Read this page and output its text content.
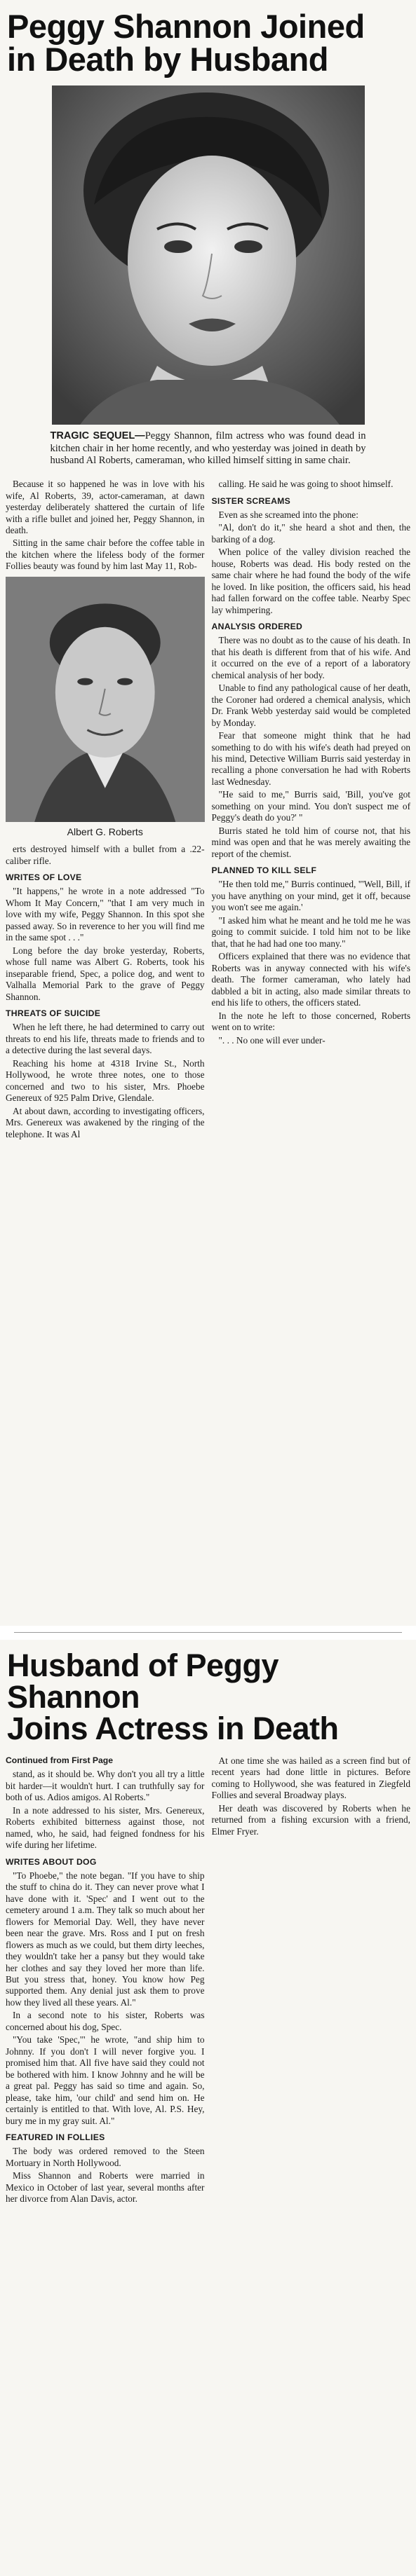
Peggy Shannon Joined
in Death by Husband
TRAGIC SEQUEL—Peggy Shannon, film actress who was found dead in kitchen chair in her home recently, and who yesterday was joined in death by husband Al Roberts, cameraman, who killed himself sitting in same chair.

Because it so happened he was in love with his wife, Al Roberts, 39, actor-cameraman, at dawn yesterday deliberately shattered the curtain of life with a rifle bullet and joined her, Peggy Shannon, in death.

Sitting in the same chair before the coffee table in the kitchen where the lifeless body of the former Follies beauty was found by him last May 11, Rob-

Albert G. Roberts

erts destroyed himself with a bullet from a .22-caliber rifle.

WRITES OF LOVE

"It happens," he wrote in a note addressed "To Whom It May Concern," "that I am very much in love with my wife, Peggy Shannon. In this spot she passed away. So in reverence to her you will find me in the same spot . . ."

Long before the day broke yesterday, Roberts, whose full name was Albert G. Roberts, took his inseparable friend, Spec, a police dog, and went to Valhalla Memorial Park to the grave of Peggy Shannon.

THREATS OF SUICIDE

When he left there, he had determined to carry out threats to end his life, threats made to friends and to a detective during the last several days.

Reaching his home at 4318 Irvine St., North Hollywood, he wrote three notes, one to those concerned and two to his sister, Mrs. Phoebe Genereux of 925 Palm Drive, Glendale.

At about dawn, according to investigating officers, Mrs. Genereux was awakened by the ringing of the telephone. It was Al

calling. He said he was going to shoot himself.

SISTER SCREAMS

Even as she screamed into the phone:

"Al, don't do it," she heard a shot and then, the barking of a dog.

When police of the valley division reached the house, Roberts was dead. His body rested on the same chair where he had found the body of the wife he loved. In like position, the officers said, his head had fallen forward on the coffee table. Nearby Spec lay whimpering.

ANALYSIS ORDERED

There was no doubt as to the cause of his death. In that his death is different from that of his wife. And it occurred on the eve of a report of a laboratory chemical analysis of her body.

Unable to find any pathological cause of her death, the Coroner had ordered a chemical analysis, which Dr. Frank Webb yesterday said would be completed by Monday.

Fear that someone might think that he had something to do with his wife's death had preyed on his mind, Detective William Burris said yesterday in recalling a phone conversation he had with Roberts last Wednesday.

"He said to me," Burris said, 'Bill, you've got something on your mind. You don't suspect me of Peggy's death do you?' "

Burris stated he told him of course not, that his mind was open and that he was merely awaiting the report of the chemist.

PLANNED TO KILL SELF

"He then told me," Burris continued, "'Well, Bill, if you have anything on your mind, get it off, because you won't see me again.'

"I asked him what he meant and he told me he was going to commit suicide. I told him not to be like that, that he had had one too many."

Officers explained that there was no evidence that Roberts was in anyway connected with his wife's death. The former cameraman, who lately had dabbled a bit in acting, also made similar threats to end his life to others, the officers stated.

In the note he left to those concerned, Roberts went on to write:

". . . No one will ever under-

Husband of Peggy Shannon
Joins Actress in Death
Continued from First Page

stand, as it should be. Why don't you all try a little bit harder—it wouldn't hurt. I can truthfully say for both of us. Adios amigos. Al Roberts."

In a note addressed to his sister, Mrs. Genereux, Roberts exhibited bitterness against those, not named, who, he said, had feigned fondness for his wife during her lifetime.

WRITES ABOUT DOG

"To Phoebe," the note began. "If you have to ship the stuff to china do it. They can never prove what I have done with it. 'Spec' and I went out to the cemetery around 1 a.m. They talk so much about her flowers for Memorial Day. Well, they have never been near the grave. Mrs. Ross and I put on fresh flowers as much as we could, but them dirty leeches, they wouldn't take her a pansy but they would take her clothes and say they loved her more than life. But you stress that, honey. You know how Peg supported them. Any denial just ask them to prove how they lived all these years. Al."

In a second note to his sister, Roberts was concerned about his dog, Spec.

"You take 'Spec,'" he wrote, "and ship him to Johnny. If you don't I will never forgive you. I promised him that. All five have said they could not be bothered with him. I know Johnny and he will be a great pal. Peggy has said so time and again. So, please, take him, 'our child' and send him on. He certainly is entitled to that. With love, Al. P.S. Hey, bury me in my gray suit. Al."

FEATURED IN FOLLIES

The body was ordered removed to the Steen Mortuary in North Hollywood.

Miss Shannon and Roberts were married in Mexico in October of last year, several months after her divorce from Alan Davis, actor.

At one time she was hailed as a screen find but of recent years had done little in pictures. Before coming to Hollywood, she was featured in Ziegfeld Follies and several Broadway plays.

Her death was discovered by Roberts when he returned from a fishing excursion with a friend, Elmer Fryer.
